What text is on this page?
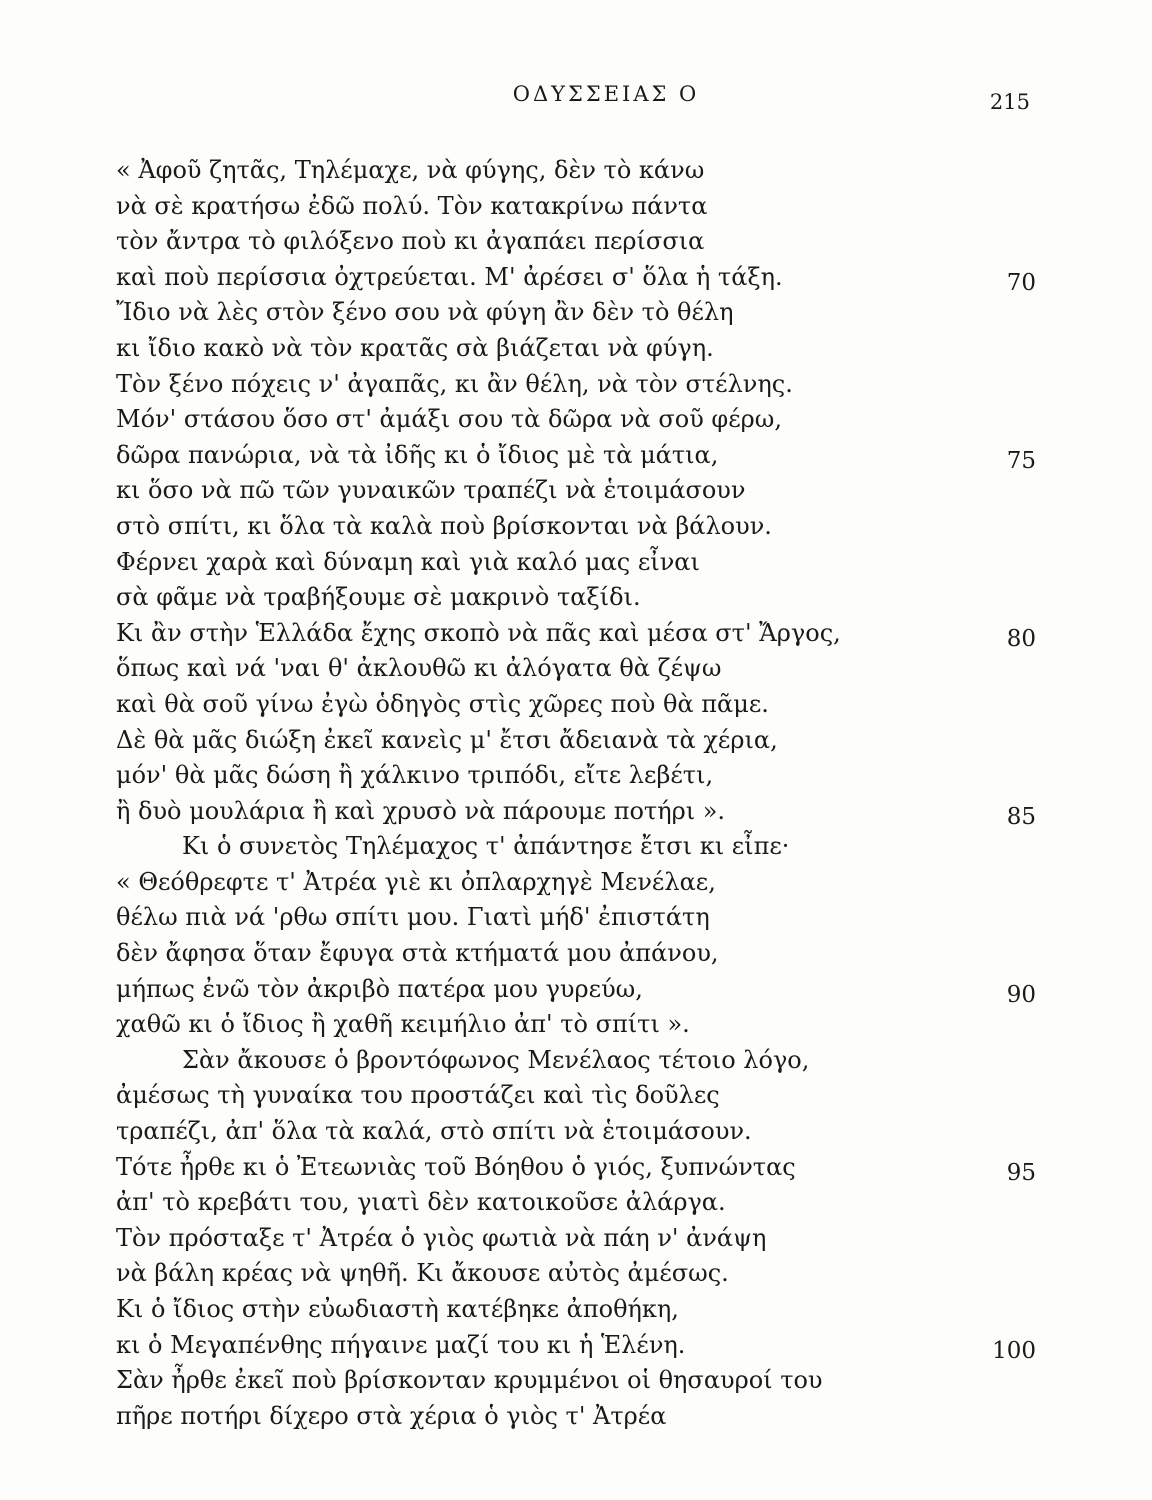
ΟΔΥΣΣΕΙΑΣ Ο	215
« Ἀφοῦ ζητᾶς, Τηλέμαχε, νὰ φύγης, δὲν τὸ κάνω
νὰ σὲ κρατήσω ἐδῶ πολύ. Τὸν κατακρίνω πάντα
τὸν ἄντρα τὸ φιλόξενο ποὺ κι ἀγαπάει περίσσια
καὶ ποὺ περίσσια ὀχτρεύεται. Μ' ἀρέσει σ' ὅλα ἡ τάξη.	70
Ἴδιο νὰ λὲς στὸν ξένο σου νὰ φύγη ἂν δὲν τὸ θέλη
κι ἴδιο κακὸ νὰ τὸν κρατᾶς σὰ βιάζεται νὰ φύγη.
Τὸν ξένο πόχεις ν' ἀγαπᾶς, κι ἂν θέλη, νὰ τὸν στέλνης.
Μόν' στάσου ὅσο στ' ἀμάξι σου τὰ δῶρα νὰ σοῦ φέρω,
δῶρα πανώρια, νὰ τὰ ἰδῆς κι ὁ ἴδιος μὲ τὰ μάτια,	75
κι ὅσο νὰ πῶ τῶν γυναικῶν τραπέζι νὰ ἑτοιμάσουν
στὸ σπίτι, κι ὅλα τὰ καλὰ ποὺ βρίσκονται νὰ βάλουν.
Φέρνει χαρὰ καὶ δύναμη καὶ γιὰ καλό μας εἶναι
σὰ φᾶμε νὰ τραβήξουμε σὲ μακρινὸ ταξίδι.
Κι ἂν στὴν Ἑλλάδα ἔχης σκοπὸ νὰ πᾶς καὶ μέσα στ' Ἄργος,	80
ὅπως καὶ νά 'ναι θ' ἀκλουθῶ κι ἀλόγατα θὰ ζέψω
καὶ θὰ σοῦ γίνω ἐγὼ ὁδηγὸς στὶς χῶρες ποὺ θὰ πᾶμε.
Δὲ θὰ μᾶς διώξη ἐκεῖ κανεὶς μ' ἔτσι ἄδειανὰ τὰ χέρια,
μόν' θὰ μᾶς δώση ἢ χάλκινο τριπόδι, εἴτε λεβέτι,
ἢ δυὸ μουλάρια ἢ καὶ χρυσὸ νὰ πάρουμε ποτήρι ».	85
Κι ὁ συνετὸς Τηλέμαχος τ' ἀπάντησε ἔτσι κι εἶπε·
« Θεόθρεφτε τ' Ἀτρέα γιὲ κι ὀπλαρχηγὲ Μενέλαε,
θέλω πιὰ νά 'ρθω σπίτι μου. Γιατὶ μήδ' ἐπιστάτη
δὲν ἄφησα ὅταν ἔφυγα στὰ κτήματά μου ἀπάνου,
μήπως ἐνῶ τὸν ἀκριβὸ πατέρα μου γυρεύω,	90
χαθῶ κι ὁ ἴδιος ἢ χαθῆ κειμήλιο ἀπ' τὸ σπίτι ».
Σὰν ἄκουσε ὁ βροντόφωνος Μενέλαος τέτοιο λόγο,
ἀμέσως τὴ γυναίκα του προστάζει καὶ τὶς δοῦλες
τραπέζι, ἀπ' ὅλα τὰ καλά, στὸ σπίτι νὰ ἑτοιμάσουν.
Τότε ἦρθε κι ὁ Ἐτεωνιὰς τοῦ Βόηθου ὁ γιός, ξυπνώντας	95
ἀπ' τὸ κρεβάτι του, γιατὶ δὲν κατοικοῦσε ἀλάργα.
Τὸν πρόσταξε τ' Ἀτρέα ὁ γιὸς φωτιὰ νὰ πάη ν' ἀνάψη
νὰ βάλη κρέας νὰ ψηθῆ. Κι ἄκουσε αὐτὸς ἀμέσως.
Κι ὁ ἴδιος στὴν εὐωδιαστὴ κατέβηκε ἀποθήκη,
κι ὁ Μεγαπένθης πήγαινε μαζί του κι ἡ Ἑλένη.	100
Σὰν ἦρθε ἐκεῖ ποὺ βρίσκονταν κρυμμένοι οἱ θησαυροί του
πῆρε ποτήρι δίχερο στὰ χέρια ὁ γιὸς τ' Ἀτρέα
